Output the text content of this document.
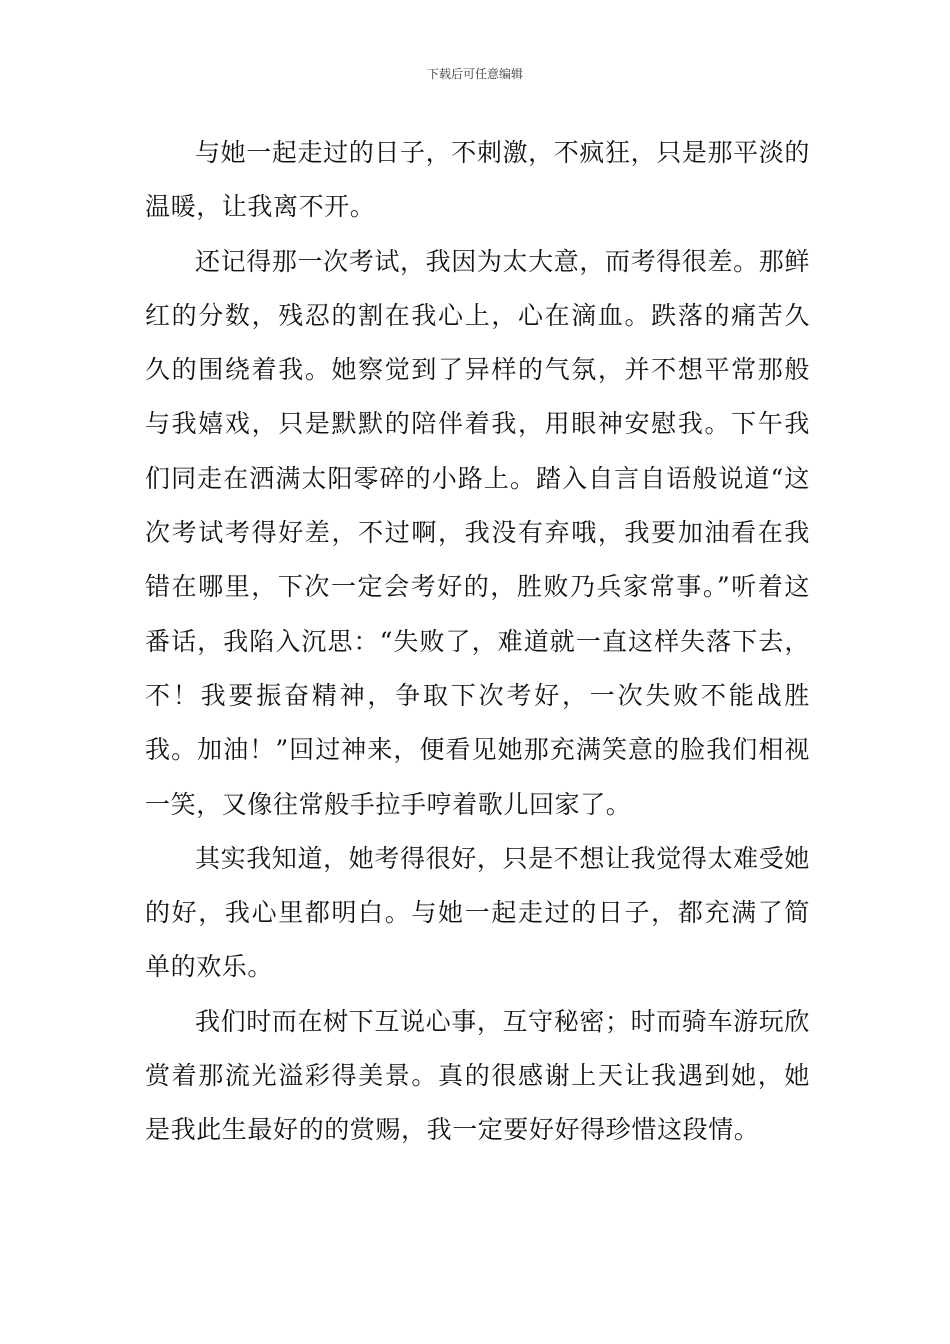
下载后可任意编辑

与她一起走过的日子，不刺激，不疯狂，只是那平淡的温暖，让我离不开。

还记得那一次考试，我因为太大意，而考得很差。那鲜红的分数，残忍的割在我心上，心在滴血。跌落的痛苦久久的围绕着我。她察觉到了异样的气氛，并不想平常那般与我嬉戏，只是默默的陪伴着我，用眼神安慰我。下午我们同走在洒满太阳零碎的小路上。踏入自言自语般说道“这次考试考得好差，不过啊，我没有弃哦，我要加油看在我错在哪里，下次一定会考好的，胜败乃兵家常事。”听着这番话，我陷入沉思：“失败了，难道就一直这样失落下去，不！我要振奋精神，争取下次考好，一次失败不能战胜我。加油！”回过神来，便看见她那充满笑意的脸我们相视一笑，又像往常般手拉手哼着歌儿回家了。

其实我知道，她考得很好，只是不想让我觉得太难受她的好，我心里都明白。与她一起走过的日子，都充满了简单的欢乐。

我们时而在树下互说心事，互守秘密；时而骑车游玩欣赏着那流光溢彩得美景。真的很感谢上天让我遇到她，她是我此生最好的的赏赐，我一定要好好得珍惜这段情。
